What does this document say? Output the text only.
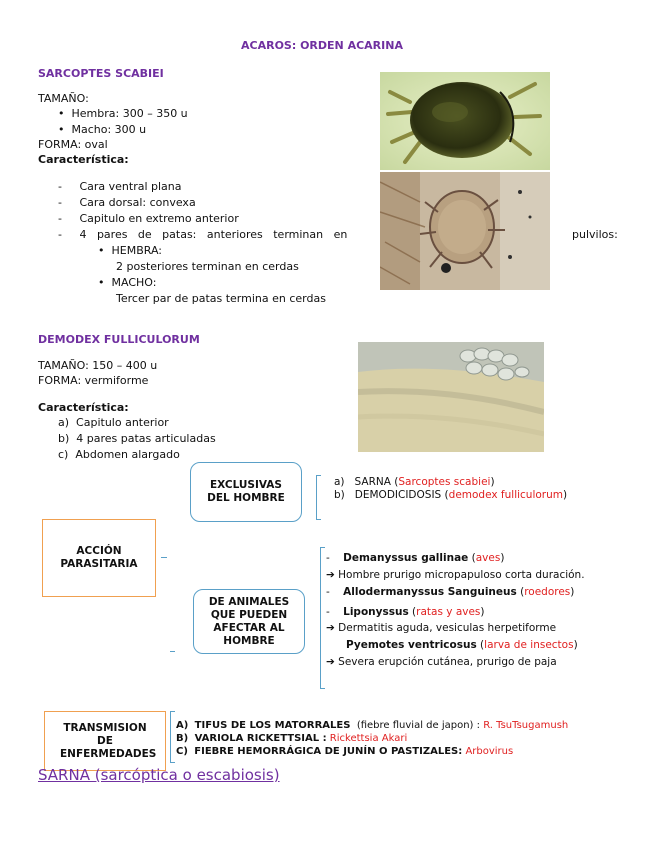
ACAROS: ORDEN ACARINA
SARCOPTES SCABIEI
TAMAÑO:
• Hembra: 300 – 350 u
• Macho: 300 u
FORMA: oval
Característica:
-     Cara ventral plana
-     Cara dorsal: convexa
-     Capitulo en extremo anterior
-     4   pares   de   patas:   anteriores   terminan   en	pulvilos:
• HEMBRA:
2 posteriores terminan en cerdas
• MACHO:
Tercer par de patas termina en cerdas
DEMODEX FULLICULORUM
TAMAÑO: 150 – 400 u
FORMA: vermiforme
Característica:
a) Capitulo anterior
b) 4 pares patas articuladas
c) Abdomen alargado
ACCIÓN PARASITARIA
EXCLUSIVAS DEL HOMBRE
DE ANIMALES QUE PUEDEN AFECTAR AL HOMBRE
TRANSMISION DE ENFERMEDADES
a) SARNA (Sarcoptes scabiei)
b) DEMODICIDOSIS (demodex fulliculorum)
-    Demanyssus gallinae (aves)
➔ Hombre prurigo micropapuloso corta duración.
-    Allodermanyssus Sanguineus (roedores)
-    Liponyssus (ratas y aves)
➔ Dermatitis aguda, vesiculas herpetiforme
Pyemotes ventricosus (larva de insectos)
➔ Severa erupción cutánea, prurigo de paja
A) TIFUS DE LOS MATORRALES (fiebre fluvial de japon) : R. TsuTsugamush
B) VARIOLA RICKETTSIAL : Rickettsia Akari
C) FIEBRE HEMORRÁGICA DE JUNÍN O PASTIZALES: Arbovirus
SARNA (sarcóptica o escabiosis)
